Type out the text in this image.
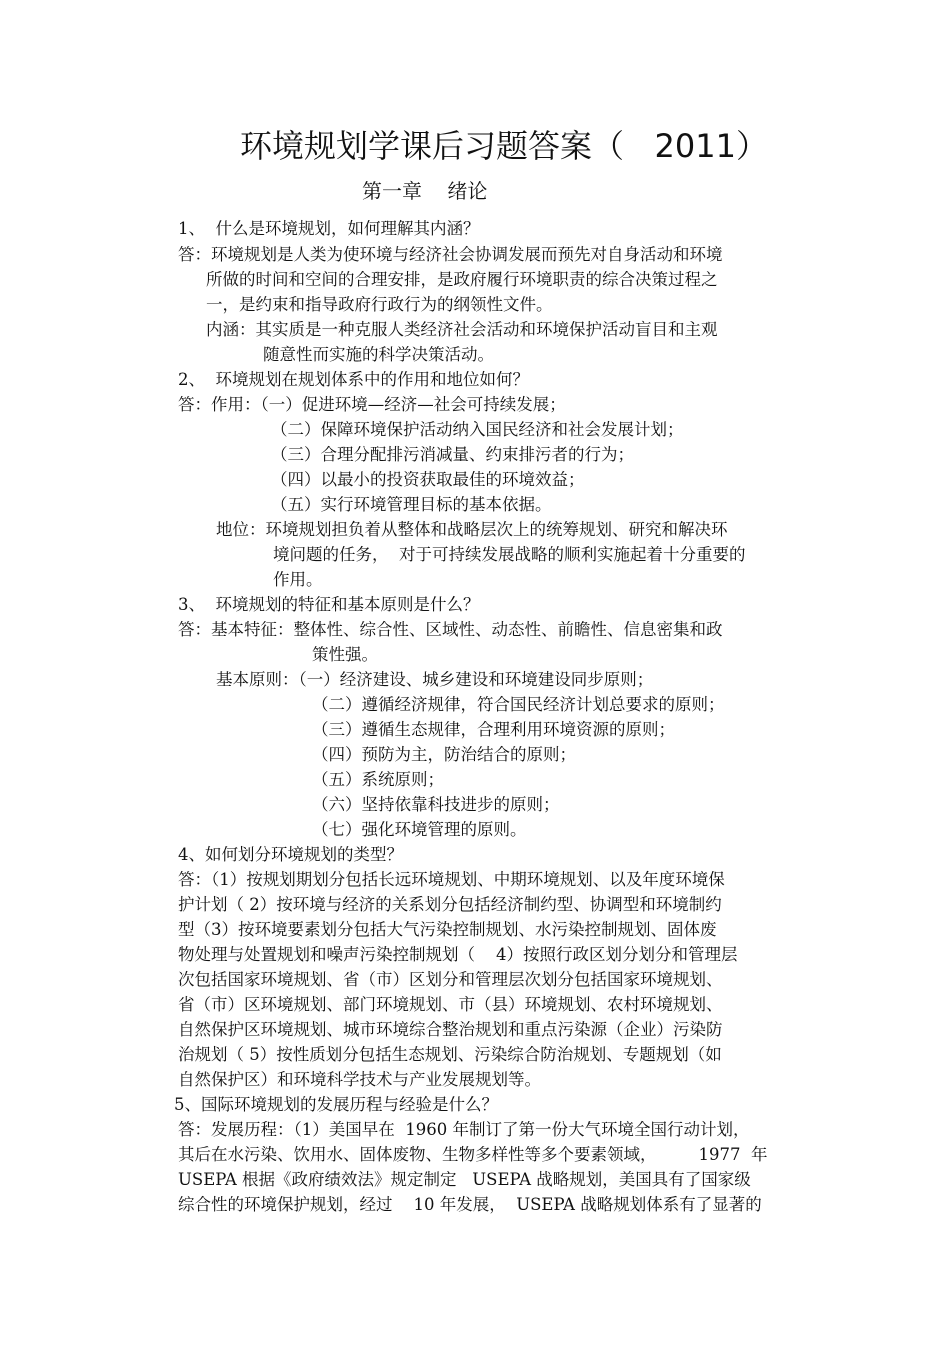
环境规划学课后习题答案（   2011）
第一章    绪论
1、  什么是环境规划，如何理解其内涵？
答：环境规划是人类为使环境与经济社会协调发展而预先对自身活动和环境
所做的时间和空间的合理安排，是政府履行环境职责的综合决策过程之
一，是约束和指导政府行政行为的纲领性文件。
内涵：其实质是一种克服人类经济社会活动和环境保护活动盲目和主观
随意性而实施的科学决策活动。
2、  环境规划在规划体系中的作用和地位如何？
答：作用：（一）促进环境—经济—社会可持续发展；
（二）保障环境保护活动纳入国民经济和社会发展计划；
（三）合理分配排污消减量、约束排污者的行为；
（四）以最小的投资获取最佳的环境效益；
（五）实行环境管理目标的基本依据。
地位：环境规划担负着从整体和战略层次上的统筹规划、研究和解决环
境问题的任务，  对于可持续发展战略的顺利实施起着十分重要的
作用。
3、  环境规划的特征和基本原则是什么？
答：基本特征：整体性、综合性、区域性、动态性、前瞻性、信息密集和政
策性强。
基本原则：（一）经济建设、城乡建设和环境建设同步原则；
（二）遵循经济规律，符合国民经济计划总要求的原则；
（三）遵循生态规律，合理利用环境资源的原则；
（四）预防为主，防治结合的原则；
（五）系统原则；
（六）坚持依靠科技进步的原则；
（七）强化环境管理的原则。
4、如何划分环境规划的类型？
答：（1）按规划期划分包括长远环境规划、中期环境规划、以及年度环境保
护计划（ 2）按环境与经济的关系划分包括经济制约型、协调型和环境制约
型（3）按环境要素划分包括大气污染控制规划、水污染控制规划、固体废
物处理与处置规划和噪声污染控制规划（    4）按照行政区划分划分和管理层
次包括国家环境规划、省（市）区划分和管理层次划分包括国家环境规划、
省（市）区环境规划、部门环境规划、市（县）环境规划、农村环境规划、
自然保护区环境规划、城市环境综合整治规划和重点污染源（企业）污染防
治规划（ 5）按性质划分包括生态规划、污染综合防治规划、专题规划（如
自然保护区）和环境科学技术与产业发展规划等。
5、国际环境规划的发展历程与经验是什么？
答：发展历程：（1）美国早在  1960 年制订了第一份大气环境全国行动计划，
其后在水污染、饮用水、固体废物、生物多样性等多个要素领域，        1977  年
USEPA 根据《政府绩效法》规定制定   USEPA 战略规划，美国具有了国家级
综合性的环境保护规划，经过    10 年发展，  USEPA 战略规划体系有了显著的
